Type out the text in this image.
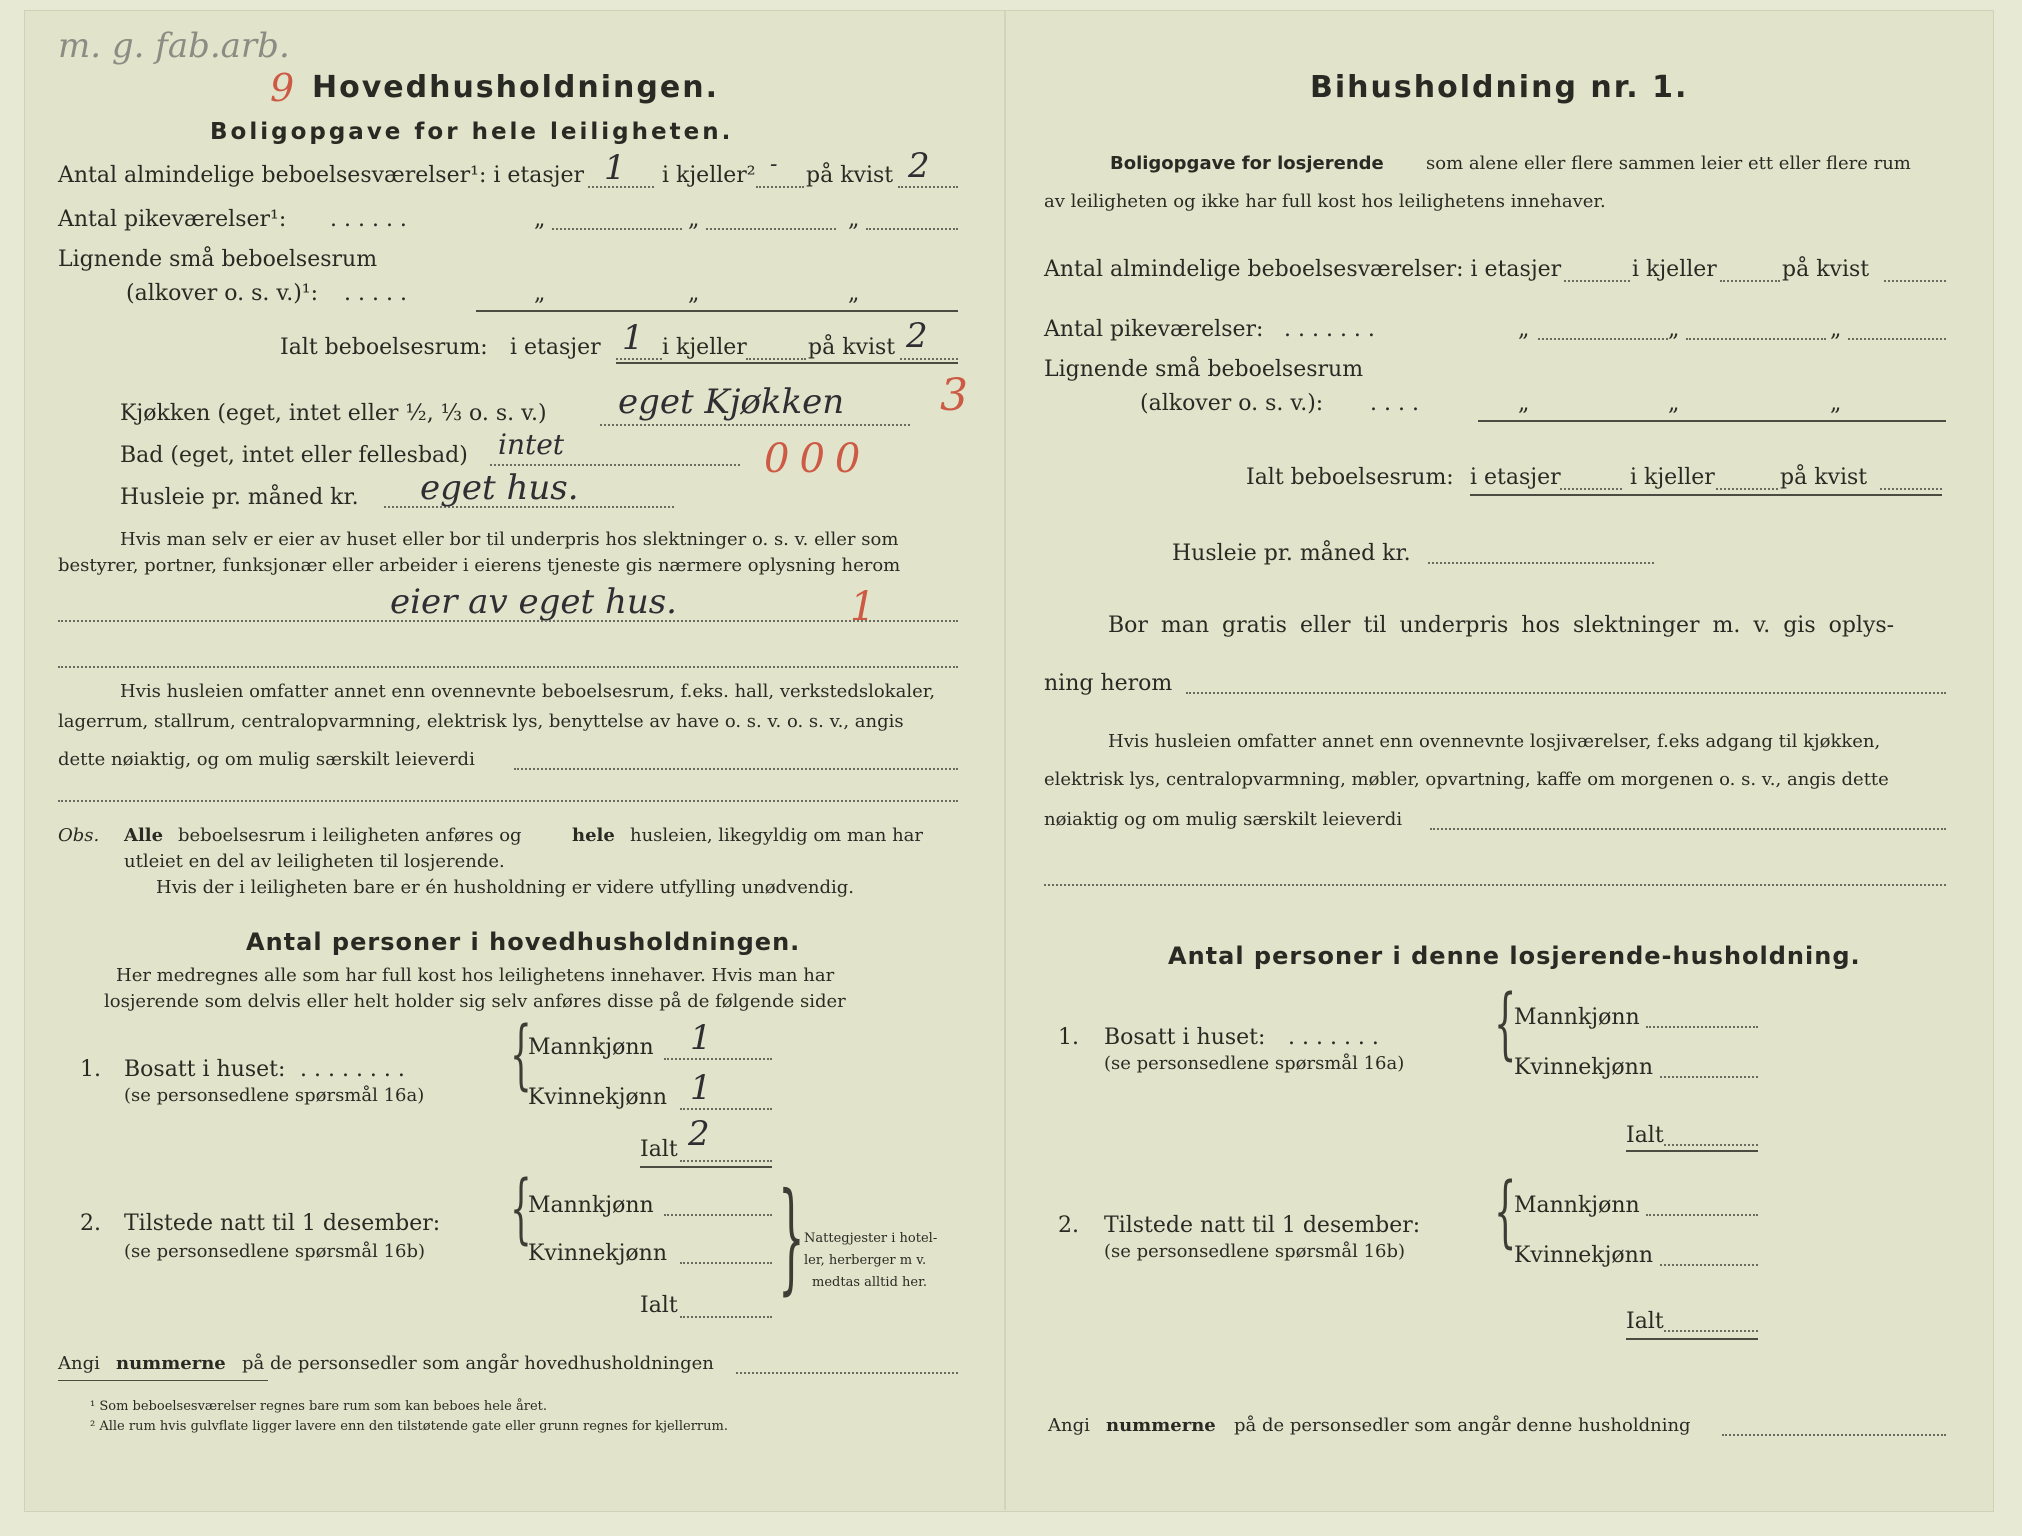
m. g. fab.arb.
9 Hovedhusholdningen.
Boligopgave for hele leiligheten.
Antal almindelige beboelsesværelser¹: i etasjer 1 i kjeller² - på kvist 2
Antal pikeværelser¹: . . . . . .	„	„	„
Lignende små beboelsesrum
(alkover o. s. v.)¹: . . . . .	„	„	„
Ialt beboelsesrum: i etasjer 1 i kjeller	på kvist 2
Kjøkken (eget, intet eller ½, ⅓ o. s. v.) eget Kjøkken 3
Bad (eget, intet eller fellesbad) intet	000
Husleie pr. måned kr. eget hus.
Hvis man selv er eier av huset eller bor til underpris hos slektninger o. s. v. eller som
bestyrer, portner, funksjonær eller arbeider i eierens tjeneste gis nærmere oplysning herom
eier av eget hus.	1
Hvis husleien omfatter annet enn ovennevnte beboelsesrum, f.eks. hall, verkstedslokaler,
lagerrum, stallrum, centralopvarmning, elektrisk lys, benyttelse av have o. s. v. o. s. v., angis
dette nøiaktig, og om mulig særskilt leieverdi
Obs. Alle beboelsesrum i leiligheten anføres og	hele husleien, likegyldig om man har
utleiet en del av leiligheten til losjerende.
Hvis der i leiligheten bare er én husholdning er videre utfylling unødvendig.
Antal personer i hovedhusholdningen.
Her medregnes alle som har full kost hos leilighetens innehaver. Hvis man har
losjerende som delvis eller helt holder sig selv anføres disse på de følgende sider
1. Bosatt i huset: . . . . . . . .
(se personsedlene spørsmål 16a) {
Mannkjønn 1
Kvinnekjønn 1
Ialt 2
2. Tilstede natt til 1 desember:
(se personsedlene spørsmål 16b) {
Mannkjønn
Kvinnekjønn
Ialt } Nattegjester i hotel-
ler, herberger m v.
medtas alltid her.
Angi nummerne på de personsedler som angår hovedhusholdningen
¹ Som beboelsesværelser regnes bare rum som kan beboes hele året.
² Alle rum hvis gulvflate ligger lavere enn den tilstøtende gate eller grunn regnes for kjellerrum.
Bihusholdning nr. 1.
Boligopgave for losjerende som alene eller flere sammen leier ett eller flere rum
av leiligheten og ikke har full kost hos leilighetens innehaver.
Antal almindelige beboelsesværelser: i etasjer	i kjeller	på kvist
Antal pikeværelser: . . . . . . .	„	„	„
Lignende små beboelsesrum
(alkover o. s. v.): . . . .	„	„	„
Ialt beboelsesrum: i etasjer	i kjeller	på kvist
Husleie pr. måned kr.
Bor man gratis eller til underpris hos slektninger m. v. gis oplys-
ning herom
Hvis husleien omfatter annet enn ovennevnte losjiværelser, f.eks adgang til kjøkken,
elektrisk lys, centralopvarmning, møbler, opvartning, kaffe om morgenen o. s. v., angis dette
nøiaktig og om mulig særskilt leieverdi
Antal personer i denne losjerende-husholdning.
1. Bosatt i huset: . . . . . . .
(se personsedlene spørsmål 16a) {
Mannkjønn
Kvinnekjønn
Ialt
2. Tilstede natt til 1 desember:
(se personsedlene spørsmål 16b) {
Mannkjønn
Kvinnekjønn
Ialt
Angi nummerne på de personsedler som angår denne husholdning
